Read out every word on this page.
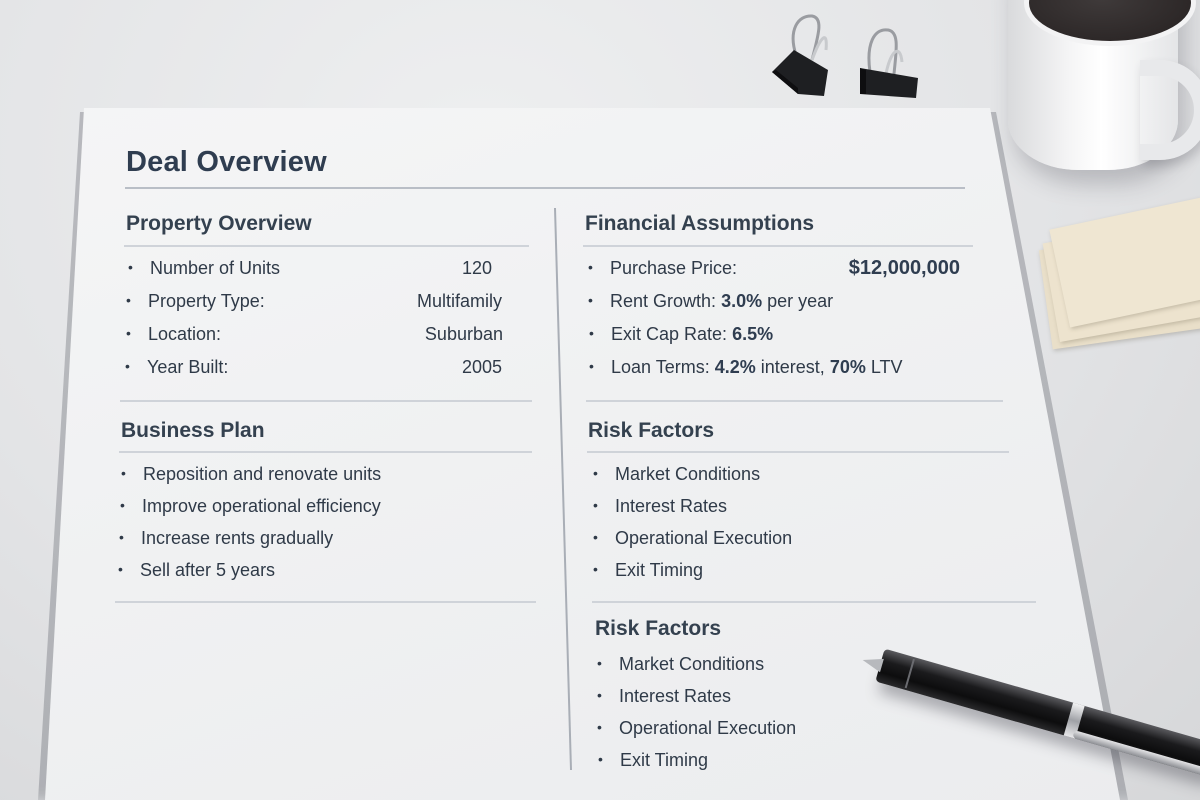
Deal Overview
Property Overview
• Number of Units	120
• Property Type:	Multifamily
• Location:	Suburban
• Year Built:	2005
Business Plan
• Reposition and renovate units
• Improve operational efficiency
• Increase rents gradually
• Sell after 5 years
Financial Assumptions
• Purchase Price:	$12,000,000
• Rent Growth: 3.0% per year
• Exit Cap Rate: 6.5%
• Loan Terms: 4.2% interest, 70% LTV
Risk Factors
• Market Conditions
• Interest Rates
• Operational Execution
• Exit Timing
Risk Factors
• Market Conditions
• Interest Rates
• Operational Execution
• Exit Timing
